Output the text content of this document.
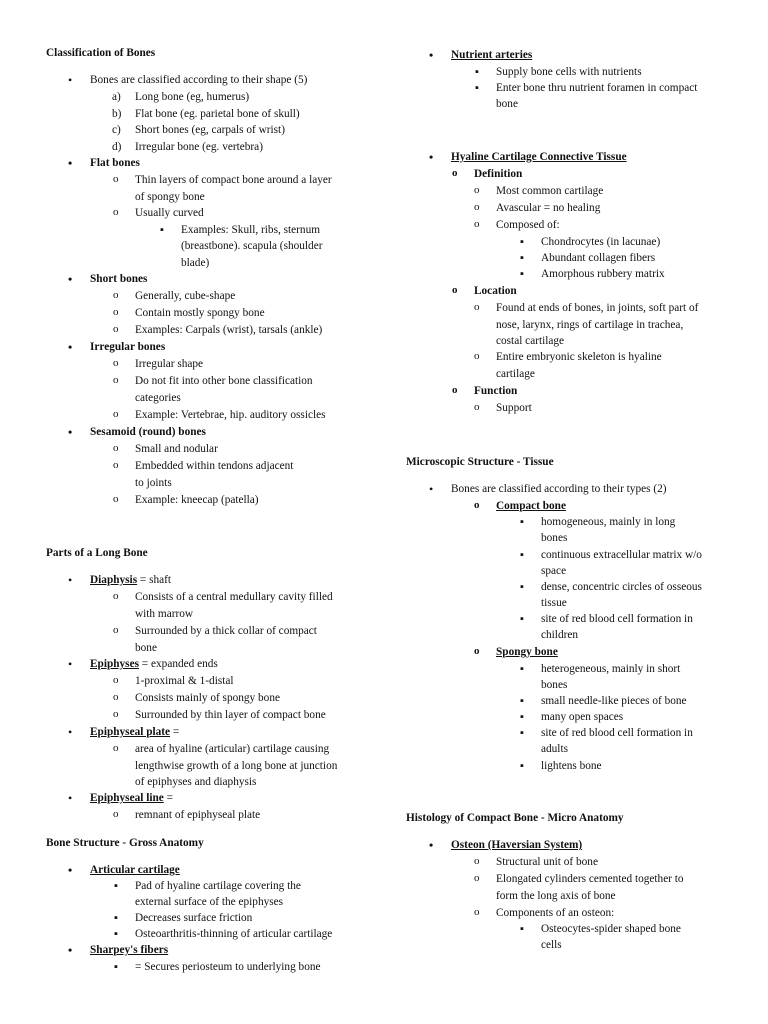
Classification of Bones
• Bones are classified according to their shape (5)
a) Long bone (eg, humerus)
b) Flat bone (eg. parietal bone of skull)
c) Short bones (eg, carpals of wrist)
d) Irregular bone (eg. vertebra)
• Flat bones
o Thin layers of compact bone around a layer
of spongy bone
o Usually curved
▪ Examples: Skull, ribs, sternum
(breastbone). scapula (shoulder
blade)
• Short bones
o Generally, cube-shape
o Contain mostly spongy bone
o Examples: Carpals (wrist), tarsals (ankle)
• Irregular bones
o Irregular shape
o Do not fit into other bone classification
categories
o Example: Vertebrae, hip. auditory ossicles
• Sesamoid (round) bones
o Small and nodular
o Embedded within tendons adjacent
to joints
o Example: kneecap (patella)
Parts of a Long Bone
• Diaphysis = shaft
o Consists of a central medullary cavity filled
with marrow
o Surrounded by a thick collar of compact
bone
• Epiphyses = expanded ends
o 1-proximal & 1-distal
o Consists mainly of spongy bone
o Surrounded by thin layer of compact bone
• Epiphyseal plate =
o area of hyaline (articular) cartilage causing
lengthwise growth of a long bone at junction
of epiphyses and diaphysis
• Epiphyseal line =
o remnant of epiphyseal plate
Bone Structure - Gross Anatomy
• Articular cartilage
▪ Pad of hyaline cartilage covering the
external surface of the epiphyses
▪ Decreases surface friction
▪ Osteoarthritis-thinning of articular cartilage
• Sharpey's fibers
▪ = Secures periosteum to underlying bone
• Nutrient arteries
▪ Supply bone cells with nutrients
▪ Enter bone thru nutrient foramen in compact
bone
• Hyaline Cartilage Connective Tissue
o Definition
o Most common cartilage
o Avascular = no healing
o Composed of:
▪ Chondrocytes (in lacunae)
▪ Abundant collagen fibers
▪ Amorphous rubbery matrix
o Location
o Found at ends of bones, in joints, soft part of
nose, larynx, rings of cartilage in trachea,
costal cartilage
o Entire embryonic skeleton is hyaline
cartilage
o Function
o Support
Microscopic Structure - Tissue
• Bones are classified according to their types (2)
o Compact bone
▪ homogeneous, mainly in long
bones
▪ continuous extracellular matrix w/o
space
▪ dense, concentric circles of osseous
tissue
▪ site of red blood cell formation in
children
o Spongy bone
▪ heterogeneous, mainly in short
bones
▪ small needle-like pieces of bone
▪ many open spaces
▪ site of red blood cell formation in
adults
▪ lightens bone
Histology of Compact Bone - Micro Anatomy
• Osteon (Haversian System)
o Structural unit of bone
o Elongated cylinders cemented together to
form the long axis of bone
o Components of an osteon:
▪ Osteocytes-spider shaped bone
cells
